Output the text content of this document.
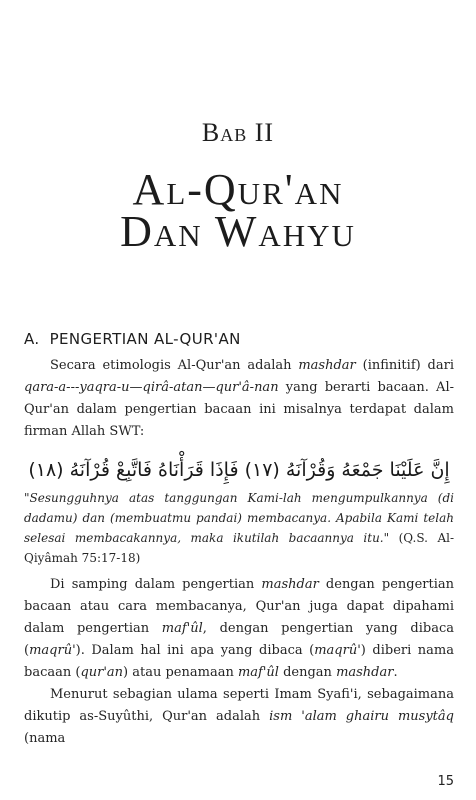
Bab II
Al-Qur'an
Dan Wahyu
A. PENGERTIAN AL-QUR'AN
Secara etimologis Al-Qur'an adalah mashdar (infinitif) dari qara-a---yaqra-u—qirâ-atan—qur'â-nan yang berarti bacaan. Al-Qur'an dalam pengertian bacaan ini misalnya terdapat dalam firman Allah SWT:
إِنَّ عَلَيْنَا جَمْعَهُ وَقُرْآنَهُ (١٧) فَإِذَا قَرَأْنَاهُ فَاتَّبِعْ قُرْآنَهُ (١٨)
"Sesungguhnya atas tanggungan Kami-lah mengumpulkannya (di dadamu) dan (membuatmu pandai) membacanya. Apabila Kami telah selesai membacakannya, maka ikutilah bacaannya itu." (Q.S. Al-Qiyâmah 75:17-18)
Di samping dalam pengertian mashdar dengan pengertian bacaan atau cara membacanya, Qur'an juga dapat dipahami dalam pengertian maf'ûl, dengan pengertian yang dibaca (maqrû'). Dalam hal ini apa yang dibaca (maqrû') diberi nama bacaan (qur'an) atau penamaan maf'ûl dengan mashdar.
Menurut sebagian ulama seperti Imam Syafi'i, sebagaimana dikutip as-Suyûthi, Qur'an adalah ism 'alam ghairu musytâq (nama
15
